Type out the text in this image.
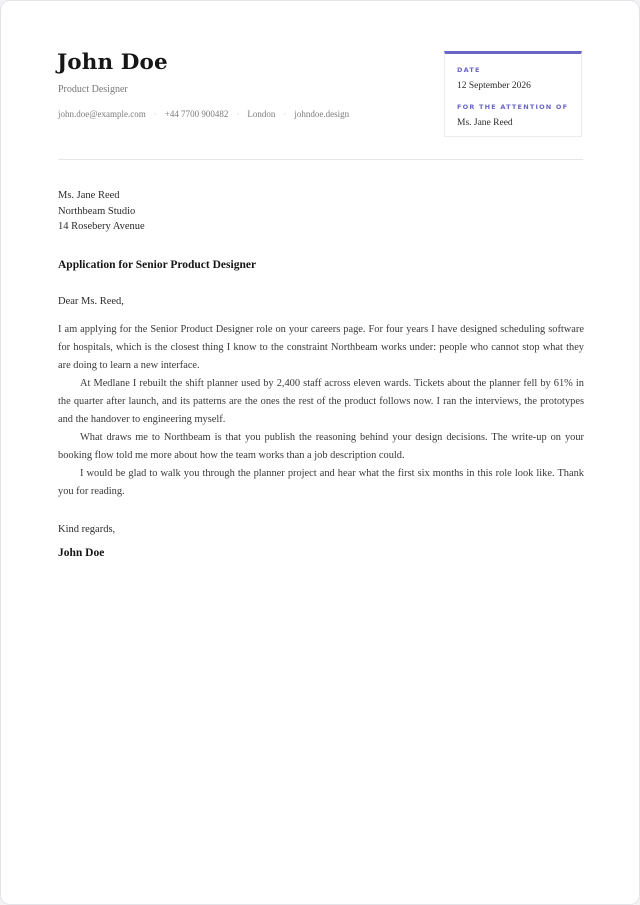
John Doe
Product Designer
john.doe@example.com · +44 7700 900482 · London · johndoe.design
DATE
12 September 2026
FOR THE ATTENTION OF
Ms. Jane Reed
Ms. Jane Reed
Northbeam Studio
14 Rosebery Avenue
Application for Senior Product Designer
Dear Ms. Reed,

I am applying for the Senior Product Designer role on your careers page. For four years I have designed scheduling software for hospitals, which is the closest thing I know to the constraint Northbeam works under: people who cannot stop what they are doing to learn a new interface.

At Medlane I rebuilt the shift planner used by 2,400 staff across eleven wards. Tickets about the planner fell by 61% in the quarter after launch, and its patterns are the ones the rest of the product follows now. I ran the interviews, the prototypes and the handover to engineering myself.

What draws me to Northbeam is that you publish the reasoning behind your design decisions. The write-up on your booking flow told me more about how the team works than a job description could.

I would be glad to walk you through the planner project and hear what the first six months in this role look like. Thank you for reading.

Kind regards,
John Doe
